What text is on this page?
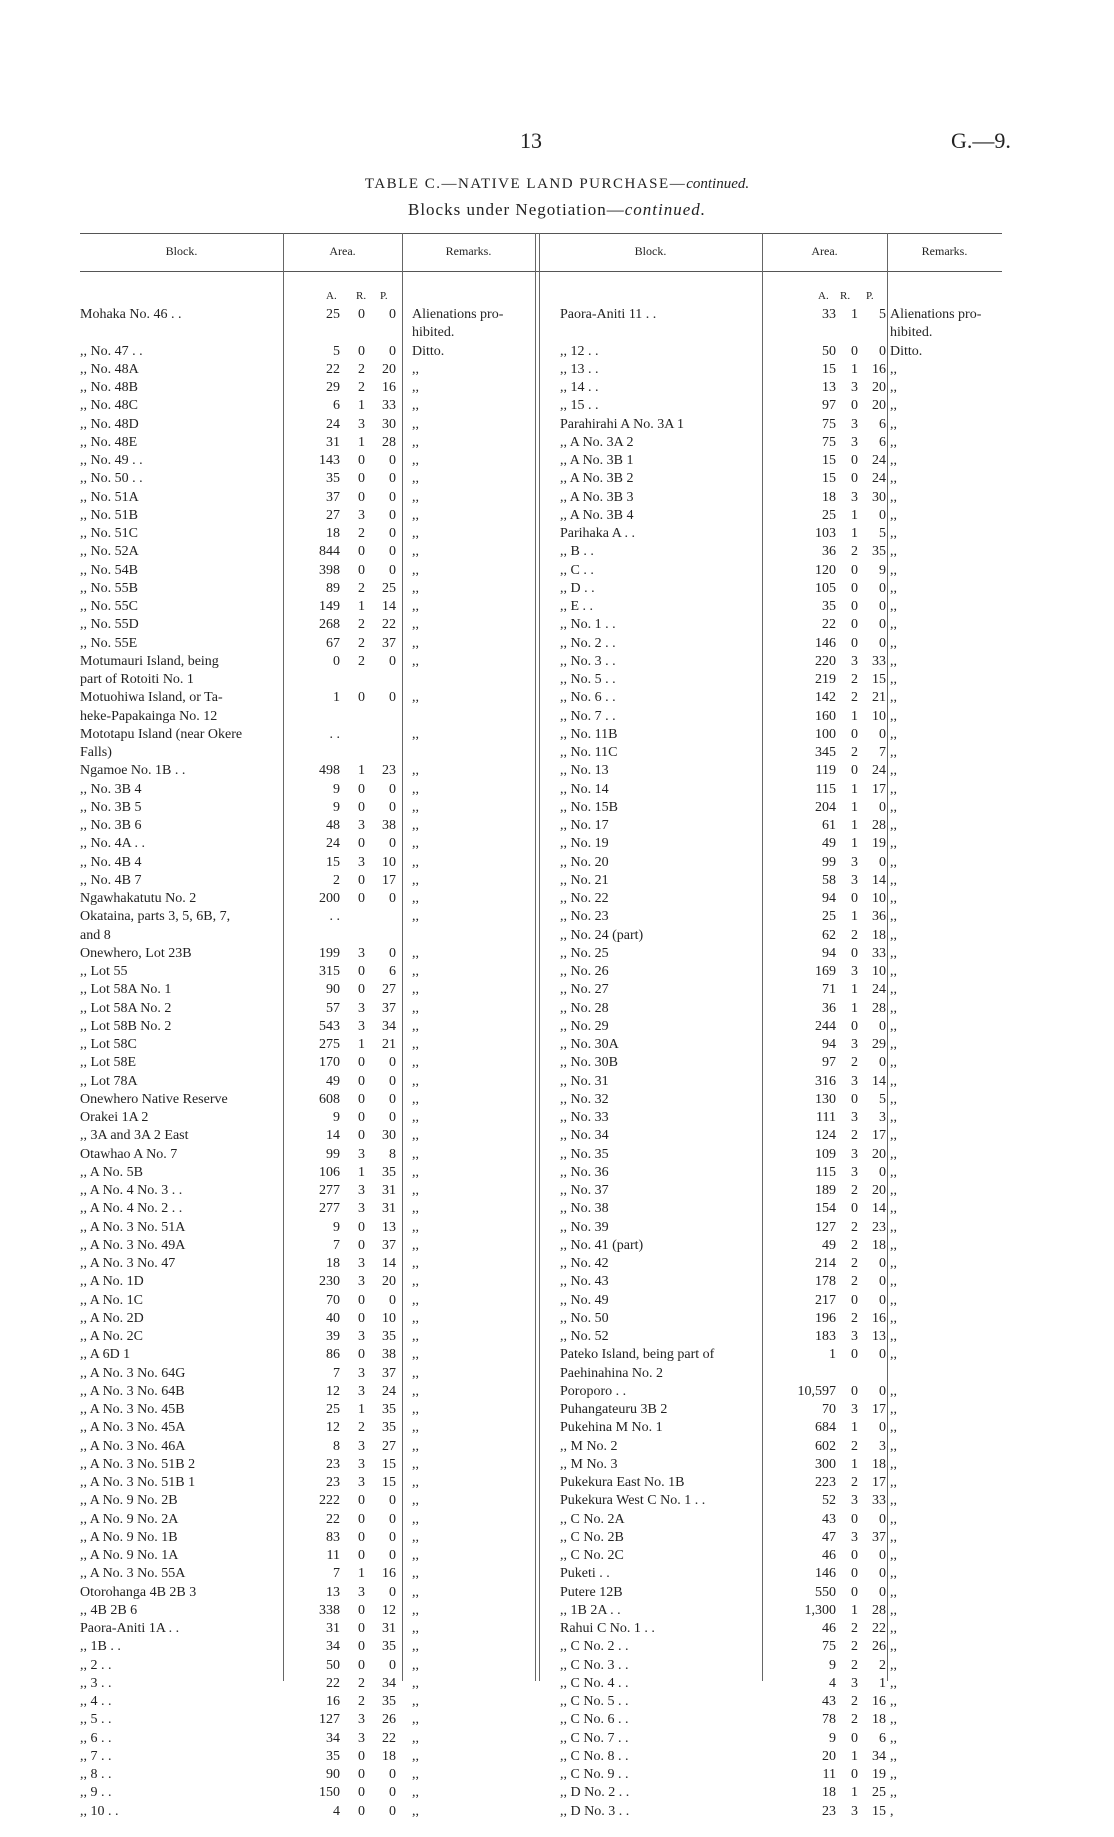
13	G.—9.
TABLE C.—NATIVE LAND PURCHASE—continued.
Blocks under Negotiation—continued.
Block.	Area.	Remarks.	Block.	Area.	Remarks.
A. R. P.	A. R. P.
Mohaka No. 46 . .	25	0	0 Alienations pro-
hibited.
,, No. 47 . .	5	0	0 Ditto.
,, No. 48A	22	2	20 ,,
,, No. 48B	29	2	16 ,,
,, No. 48C	6	1	33 ,,
,, No. 48D	24	3	30 ,,
,, No. 48E	31	1	28 ,,
,, No. 49 . .	143	0	0 ,,
,, No. 50 . .	35	0	0 ,,
,, No. 51A	37	0	0 ,,
,, No. 51B	27	3	0 ,,
,, No. 51C	18	2	0 ,,
,, No. 52A	844	0	0 ,,
,, No. 54B	398	0	0 ,,
,, No. 55B	89	2	25 ,,
,, No. 55C	149	1	14 ,,
,, No. 55D	268	2	22 ,,
,, No. 55E	67	2	37 ,,
Motumauri Island, being	0	2	0 ,,
part of Rotoiti No. 1
Motuohiwa Island, or Ta-	1	0	0 ,,
heke-Papakainga No. 12
Mototapu Island (near Okere	. .	,,
Falls)
Ngamoe No. 1B . .	498	1	23 ,,
,, No. 3B 4	9	0	0 ,,
,, No. 3B 5	9	0	0 ,,
,, No. 3B 6	48	3	38 ,,
,, No. 4A . .	24	0	0 ,,
,, No. 4B 4	15	3	10 ,,
,, No. 4B 7	2	0	17 ,,
Ngawhakatutu No. 2	200	0	0 ,,
Okataina, parts 3, 5, 6B, 7,	. .	,,
and 8
Onewhero, Lot 23B	199	3	0 ,,
,, Lot 55	315	0	6 ,,
,, Lot 58A No. 1	90	0	27 ,,
,, Lot 58A No. 2	57	3	37 ,,
,, Lot 58B No. 2	543	3	34 ,,
,, Lot 58C	275	1	21 ,,
,, Lot 58E	170	0	0 ,,
,, Lot 78A	49	0	0 ,,
Onewhero Native Reserve	608	0	0 ,,
Orakei 1A 2	9	0	0 ,,
,, 3A and 3A 2 East	14	0	30 ,,
Otawhao A No. 7	99	3	8 ,,
,, A No. 5B	106	1	35 ,,
,, A No. 4 No. 3 . .	277	3	31 ,,
,, A No. 4 No. 2 . .	277	3	31 ,,
,, A No. 3 No. 51A	9	0	13 ,,
,, A No. 3 No. 49A	7	0	37 ,,
,, A No. 3 No. 47	18	3	14 ,,
,, A No. 1D	230	3	20 ,,
,, A No. 1C	70	0	0 ,,
,, A No. 2D	40	0	10 ,,
,, A No. 2C	39	3	35 ,,
,, A 6D 1	86	0	38 ,,
,, A No. 3 No. 64G	7	3	37 ,,
,, A No. 3 No. 64B	12	3	24 ,,
,, A No. 3 No. 45B	25	1	35 ,,
,, A No. 3 No. 45A	12	2	35 ,,
,, A No. 3 No. 46A	8	3	27 ,,
,, A No. 3 No. 51B 2	23	3	15 ,,
,, A No. 3 No. 51B 1	23	3	15 ,,
,, A No. 9 No. 2B	222	0	0 ,,
,, A No. 9 No. 2A	22	0	0 ,,
,, A No. 9 No. 1B	83	0	0 ,,
,, A No. 9 No. 1A	11	0	0 ,,
,, A No. 3 No. 55A	7	1	16 ,,
Otorohanga 4B 2B 3	13	3	0 ,,
,, 4B 2B 6	338	0	12 ,,
Paora-Aniti 1A . .	31	0	31 ,,
,, 1B . .	34	0	35 ,,
,, 2 . .	50	0	0 ,,
,, 3 . .	22	2	34 ,,
,, 4 . .	16	2	35 ,,
,, 5 . .	127	3	26 ,,
,, 6 . .	34	3	22 ,,
,, 7 . .	35	0	18 ,,
,, 8 . .	90	0	0 ,,
,, 9 . .	150	0	0 ,,
,, 10 . .	4	0	0 ,,
Paora-Aniti 11 . .	33	1	5 Alienations pro-
hibited.
,, 12 . .	50	0	0 Ditto.
,, 13 . .	15	1	16 ,,
,, 14 . .	13	3	20 ,,
,, 15 . .	97	0	20 ,,
Parahirahi A No. 3A 1	75	3	6 ,,
,, A No. 3A 2	75	3	6 ,,
,, A No. 3B 1	15	0	24 ,,
,, A No. 3B 2	15	0	24 ,,
,, A No. 3B 3	18	3	30 ,,
,, A No. 3B 4	25	1	0 ,,
Parihaka A . .	103	1	5 ,,
,, B . .	36	2	35 ,,
,, C . .	120	0	9 ,,
,, D . .	105	0	0 ,,
,, E . .	35	0	0 ,,
,, No. 1 . .	22	0	0 ,,
,, No. 2 . .	146	0	0 ,,
,, No. 3 . .	220	3	33 ,,
,, No. 5 . .	219	2	15 ,,
,, No. 6 . .	142	2	21 ,,
,, No. 7 . .	160	1	10 ,,
,, No. 11B	100	0	0 ,,
,, No. 11C	345	2	7 ,,
,, No. 13	119	0	24 ,,
,, No. 14	115	1	17 ,,
,, No. 15B	204	1	0 ,,
,, No. 17	61	1	28 ,,
,, No. 19	49	1	19 ,,
,, No. 20	99	3	0 ,,
,, No. 21	58	3	14 ,,
,, No. 22	94	0	10 ,,
,, No. 23	25	1	36 ,,
,, No. 24 (part)	62	2	18 ,,
,, No. 25	94	0	33 ,,
,, No. 26	169	3	10 ,,
,, No. 27	71	1	24 ,,
,, No. 28	36	1	28 ,,
,, No. 29	244	0	0 ,,
,, No. 30A	94	3	29 ,,
,, No. 30B	97	2	0 ,,
,, No. 31	316	3	14 ,,
,, No. 32	130	0	5 ,,
,, No. 33	111	3	3 ,,
,, No. 34	124	2	17 ,,
,, No. 35	109	3	20 ,,
,, No. 36	115	3	0 ,,
,, No. 37	189	2	20 ,,
,, No. 38	154	0	14 ,,
,, No. 39	127	2	23 ,,
,, No. 41 (part)	49	2	18 ,,
,, No. 42	214	2	0 ,,
,, No. 43	178	2	0 ,,
,, No. 49	217	0	0 ,,
,, No. 50	196	2	16 ,,
,, No. 52	183	3	13 ,,
Pateko Island, being part of	1	0	0 ,,
Paehinahina No. 2
Poroporo . .	10,597	0	0 ,,
Puhangateuru 3B 2	70	3	17 ,,
Pukehina M No. 1	684	1	0 ,,
,, M No. 2	602	2	3 ,,
,, M No. 3	300	1	18 ,,
Pukekura East No. 1B	223	2	17 ,,
Pukekura West C No. 1 . .	52	3	33 ,,
,, C No. 2A	43	0	0 ,,
,, C No. 2B	47	3	37 ,,
,, C No. 2C	46	0	0 ,,
Puketi . .	146	0	0 ,,
Putere 12B	550	0	0 ,,
,, 1B 2A . .	1,300	1	28 ,,
Rahui C No. 1 . .	46	2	22 ,,
,, C No. 2 . .	75	2	26 ,,
,, C No. 3 . .	9	2	2 ,,
,, C No. 4 . .	4	3	1 ,,
,, C No. 5 . .	43	2	16 ,,
,, C No. 6 . .	78	2	18 ,,
,, C No. 7 . .	9	0	6 ,,
,, C No. 8 . .	20	1	34 ,,
,, C No. 9 . .	11	0	19 ,,
,, D No. 2 . .	18	1	25 ,,
,, D No. 3 . .	23	3	15 ,
